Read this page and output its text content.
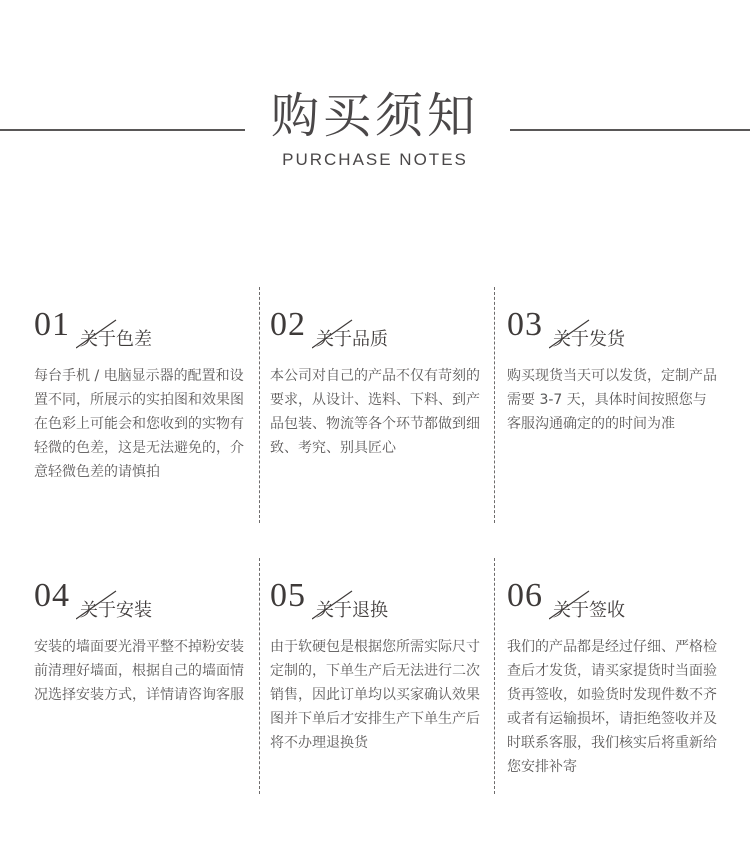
购买须知
PURCHASE NOTES
01 关于色差

每台手机 / 电脑显示器的配置和设置不同，所展示的实拍图和效果图在色彩上可能会和您收到的实物有轻微的色差，这是无法避免的，介意轻微色差的请慎拍

02 关于品质

本公司对自己的产品不仅有苛刻的要求，从设计、选料、下料、到产品包装、物流等各个环节都做到细致、考究、别具匠心

03 关于发货

购买现货当天可以发货，定制产品需要 3-7 天，具体时间按照您与客服沟通确定的的时间为准

04 关于安装

安装的墙面要光滑平整不掉粉安装前清理好墙面，根据自己的墙面情况选择安装方式，详情请咨询客服

05 关于退换

由于软硬包是根据您所需实际尺寸定制的，下单生产后无法进行二次销售，因此订单均以买家确认效果图并下单后才安排生产下单生产后将不办理退换货

06 关于签收

我们的产品都是经过仔细、严格检查后才发货，请买家提货时当面验货再签收，如验货时发现件数不齐或者有运输损坏，请拒绝签收并及时联系客服，我们核实后将重新给您安排补寄
